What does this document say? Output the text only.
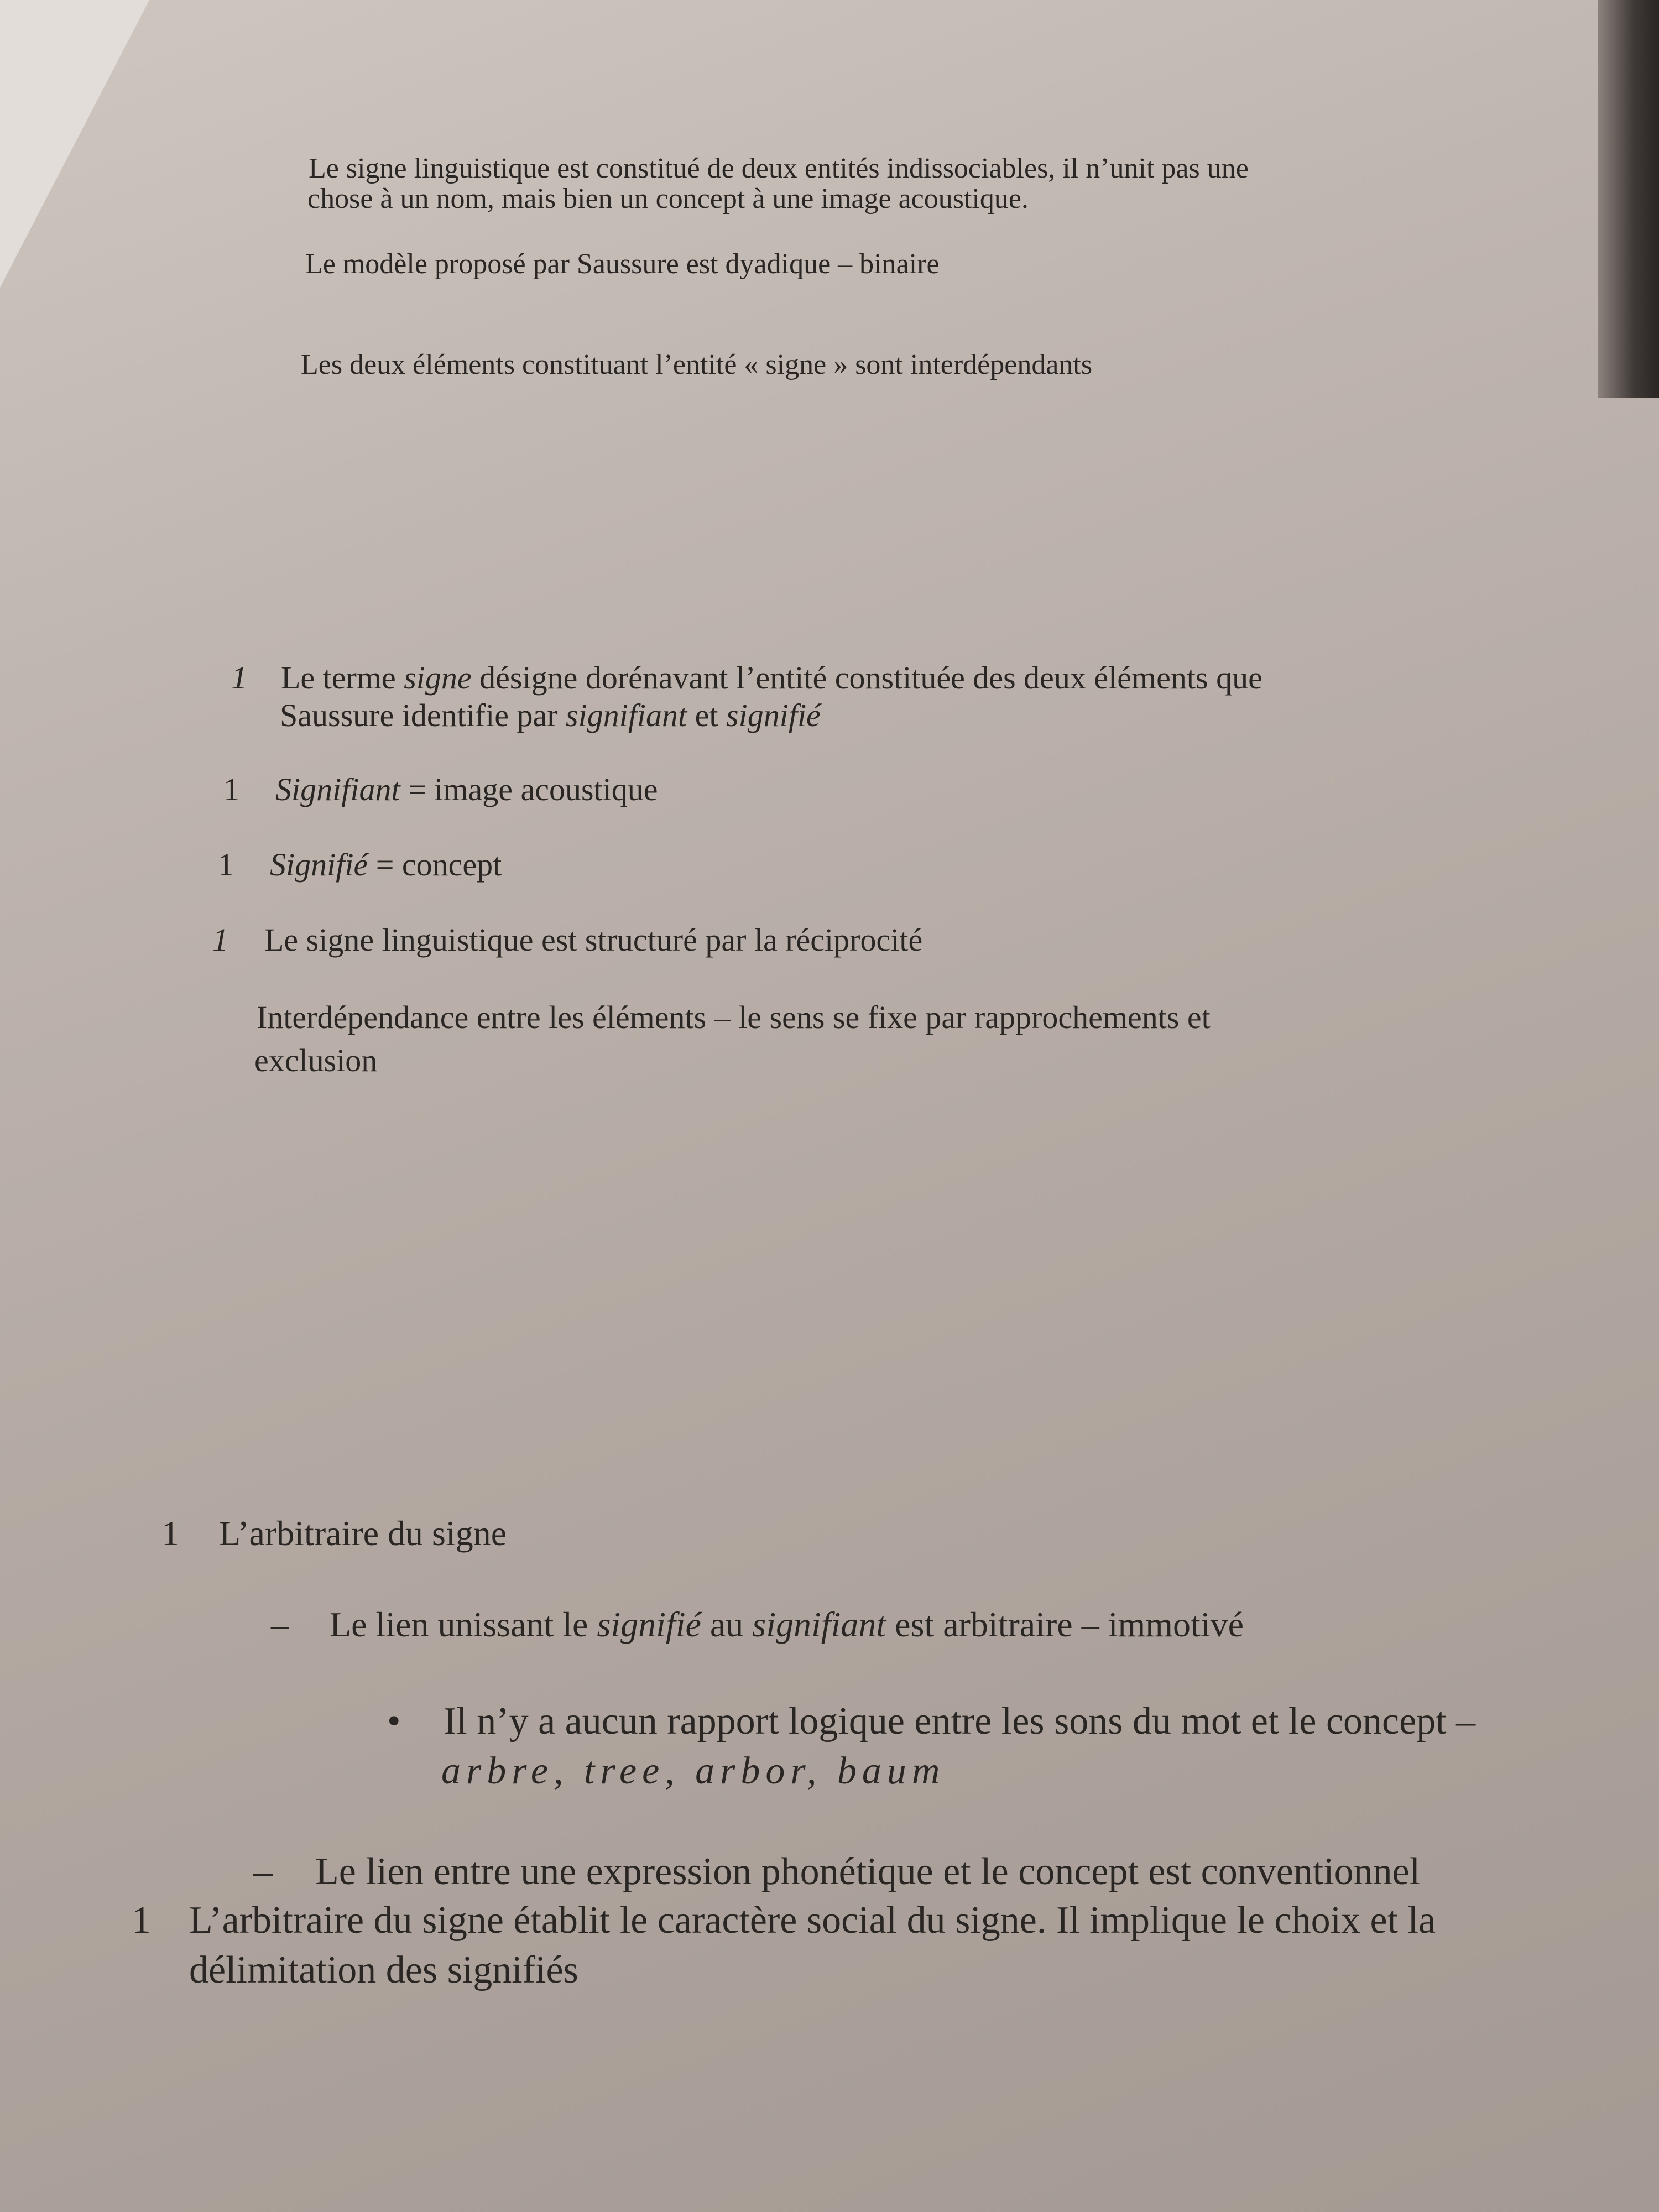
Le signe linguistique est constitué de deux entités indissociables, il n’unit pas une

chose à un nom, mais bien un concept à une image acoustique.

Le modèle proposé par Saussure est dyadique – binaire

Les deux éléments constituant l’entité « signe » sont interdépendants

1 Le terme signe désigne dorénavant l’entité constituée des deux éléments que

Saussure identifie par signifiant et signifié

1 Signifiant = image acoustique

1 Signifié = concept

1 Le signe linguistique est structuré par la réciprocité

Interdépendance entre les éléments – le sens se fixe par rapprochements et

exclusion

1 L’arbitraire du signe

– Le lien unissant le signifié au signifiant est arbitraire – immotivé

• Il n’y a aucun rapport logique entre les sons du mot et le concept –

arbre, tree, arbor, baum

– Le lien entre une expression phonétique et le concept est conventionnel

1 L’arbitraire du signe établit le caractère social du signe. Il implique le choix et la

délimitation des signifiés
